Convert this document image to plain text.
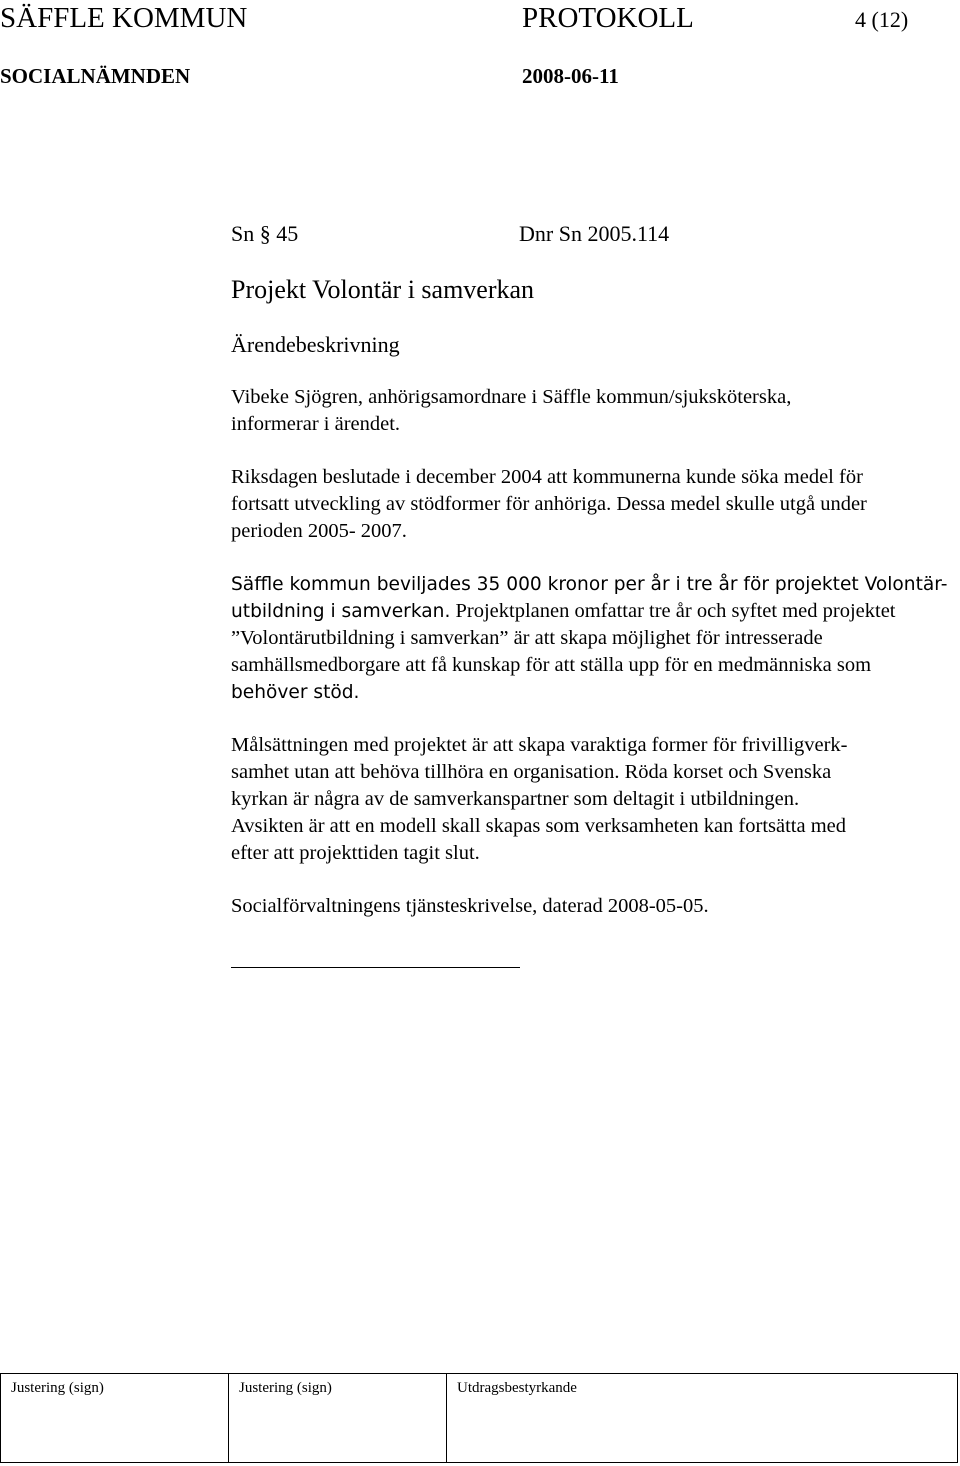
SÄFFLE KOMMUN	PROTOKOLL	4 (12)
SOCIALNÄMNDEN	2008-06-11
Sn § 45	Dnr Sn 2005.114
Projekt Volontär i samverkan
Ärendebeskrivning
Vibeke Sjögren, anhörigsamordnare i Säffle kommun/sjuksköterska,
informerar i ärendet.
Riksdagen beslutade i december 2004 att kommunerna kunde söka medel för
fortsatt utveckling av stödformer för anhöriga. Dessa medel skulle utgå under
perioden 2005- 2007.
Säffle kommun beviljades 35 000 kronor per år i tre år för projektet Volontär-
utbildning i samverkan. Projektplanen omfattar tre år och syftet med projektet
”Volontärutbildning i samverkan” är att skapa möjlighet för intresserade
samhällsmedborgare att få kunskap för att ställa upp för en medmänniska som
behöver stöd.
Målsättningen med projektet är att skapa varaktiga former för frivilligverk-
samhet utan att behöva tillhöra en organisation. Röda korset och Svenska
kyrkan är några av de samverkanspartner som deltagit i utbildningen.
Avsikten är att en modell skall skapas som verksamheten kan fortsätta med
efter att projekttiden tagit slut.
Socialförvaltningens tjänsteskrivelse, daterad 2008-05-05.
Justering (sign)	Justering (sign)	Utdragsbestyrkande
